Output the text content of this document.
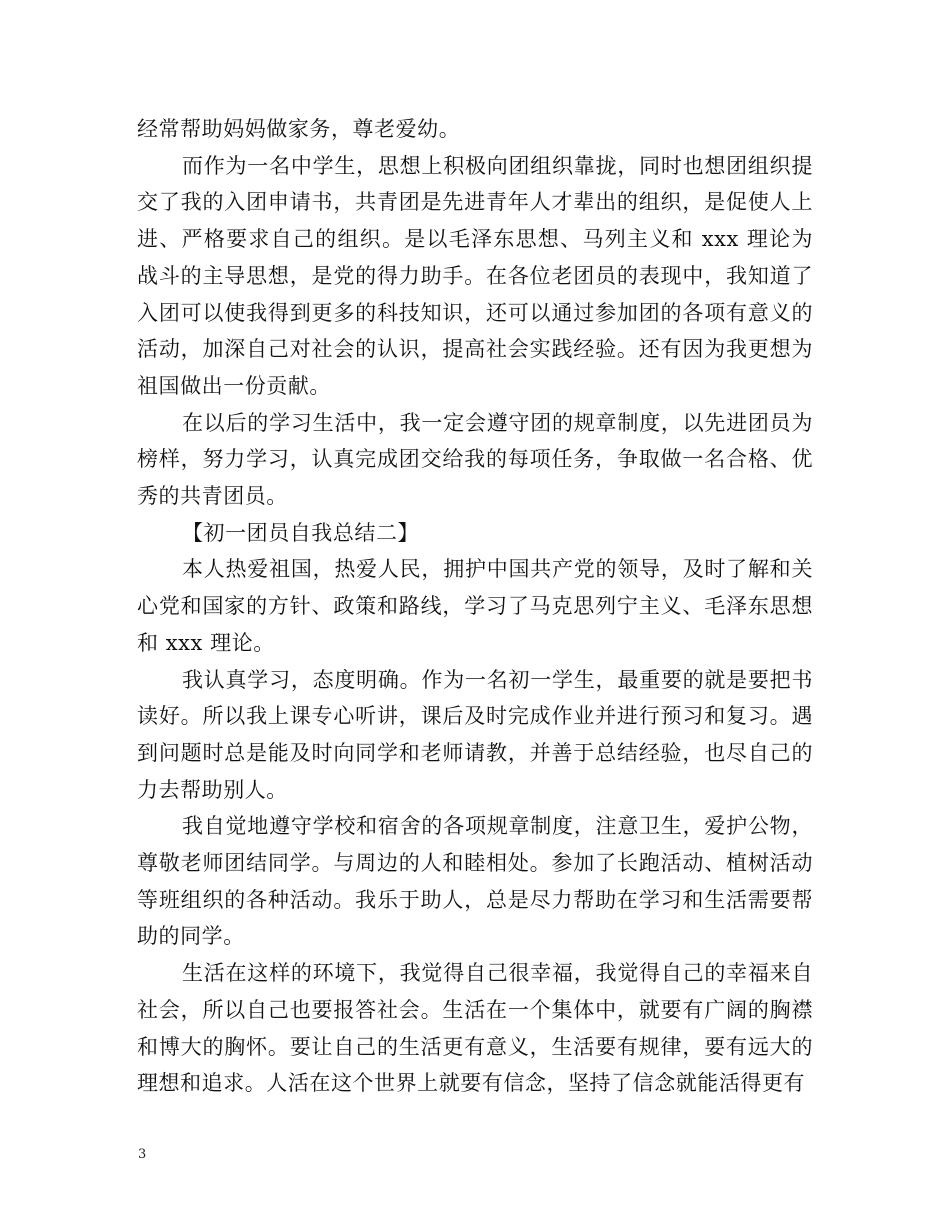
经常帮助妈妈做家务，尊老爱幼。

而作为一名中学生，思想上积极向团组织靠拢，同时也想团组织提交了我的入团申请书，共青团是先进青年人才辈出的组织，是促使人上进、严格要求自己的组织。是以毛泽东思想、马列主义和 xxx 理论为战斗的主导思想，是党的得力助手。在各位老团员的表现中，我知道了入团可以使我得到更多的科技知识，还可以通过参加团的各项有意义的活动，加深自己对社会的认识，提高社会实践经验。还有因为我更想为祖国做出一份贡献。

在以后的学习生活中，我一定会遵守团的规章制度，以先进团员为榜样，努力学习，认真完成团交给我的每项任务，争取做一名合格、优秀的共青团员。

【初一团员自我总结二】

本人热爱祖国，热爱人民，拥护中国共产党的领导，及时了解和关心党和国家的方针、政策和路线，学习了马克思列宁主义、毛泽东思想和 xxx 理论。

我认真学习，态度明确。作为一名初一学生，最重要的就是要把书读好。所以我上课专心听讲，课后及时完成作业并进行预习和复习。遇到问题时总是能及时向同学和老师请教，并善于总结经验，也尽自己的力去帮助别人。

我自觉地遵守学校和宿舍的各项规章制度，注意卫生，爱护公物，尊敬老师团结同学。与周边的人和睦相处。参加了长跑活动、植树活动等班组织的各种活动。我乐于助人，总是尽力帮助在学习和生活需要帮助的同学。

生活在这样的环境下，我觉得自己很幸福，我觉得自己的幸福来自社会，所以自己也要报答社会。生活在一个集体中，就要有广阔的胸襟和博大的胸怀。要让自己的生活更有意义，生活要有规律，要有远大的理想和追求。人活在这个世界上就要有信念，坚持了信念就能活得更有

3
